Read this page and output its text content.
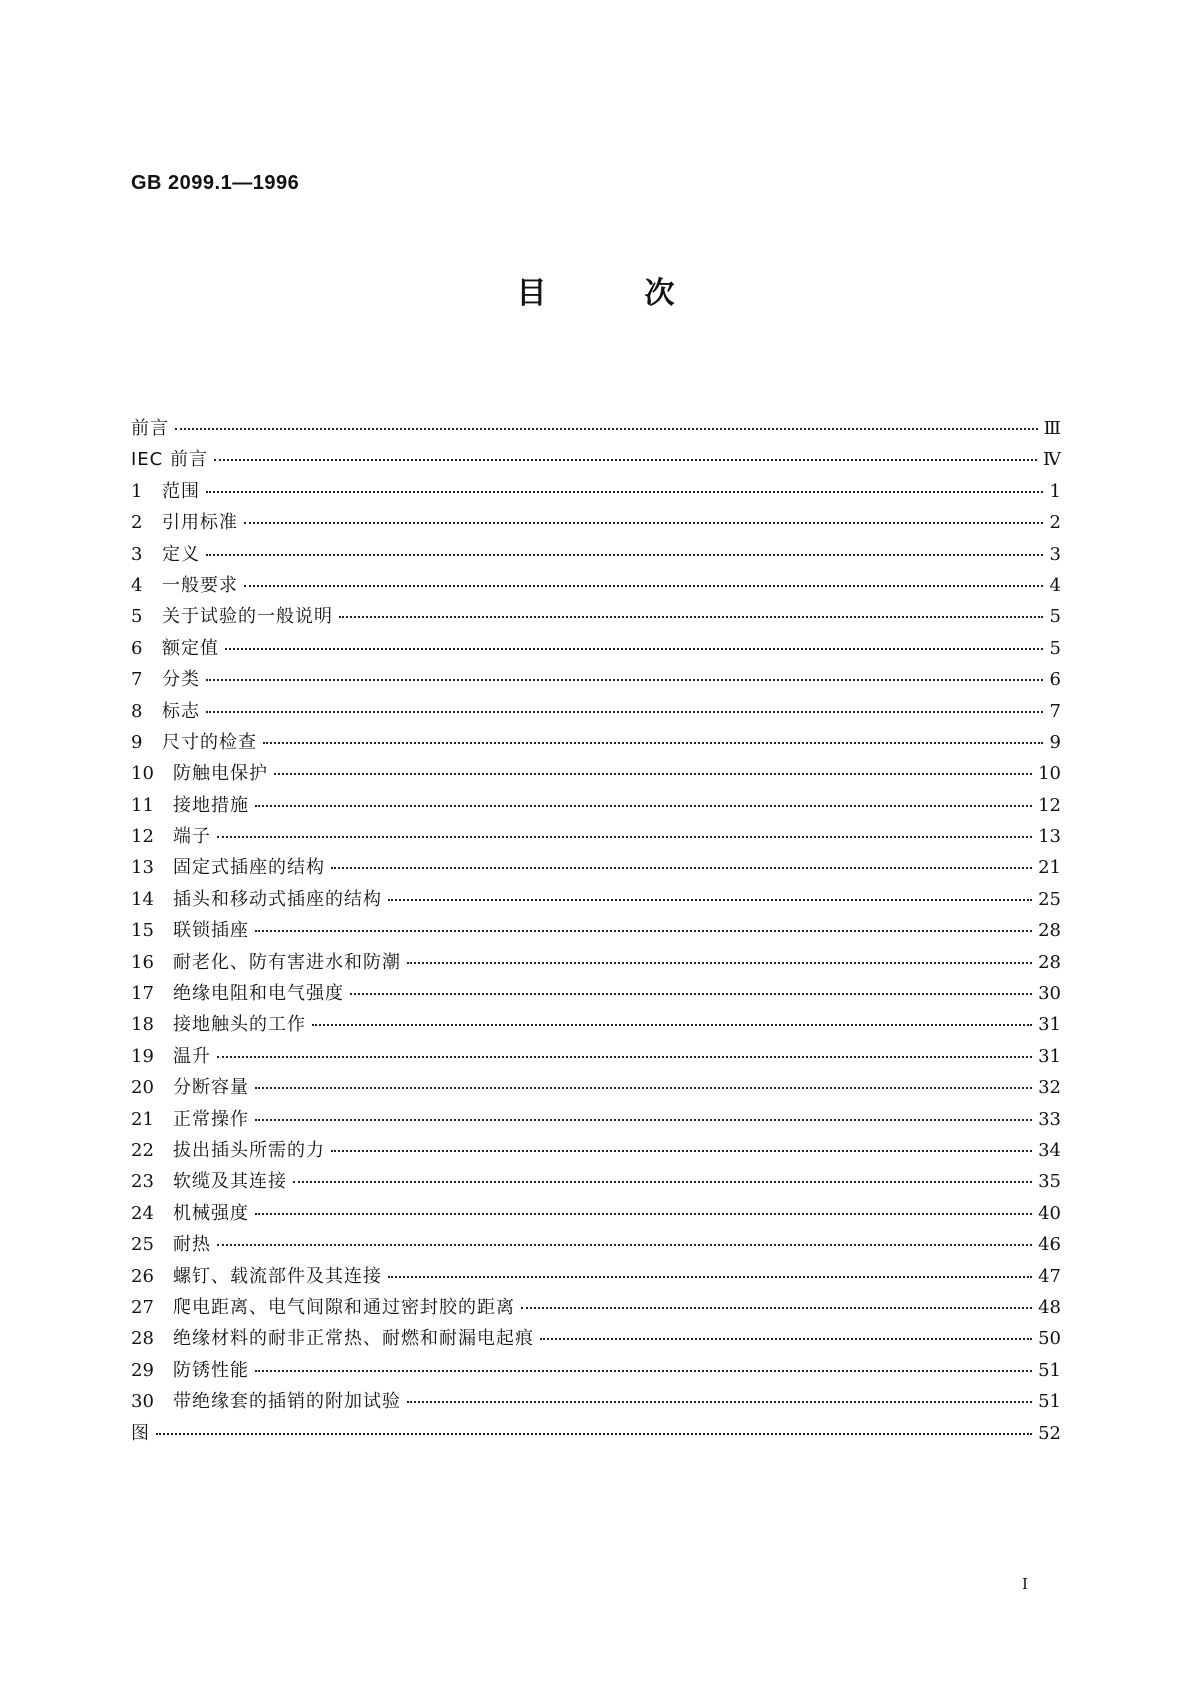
GB 2099.1—1996
目次
前言	Ⅲ
IEC 前言	Ⅳ
1	范围	1
2	引用标准	2
3	定义	3
4	一般要求	4
5	关于试验的一般说明	5
6	额定值	5
7	分类	6
8	标志	7
9	尺寸的检查	9
10	防触电保护	10
11	接地措施	12
12	端子	13
13	固定式插座的结构	21
14	插头和移动式插座的结构	25
15	联锁插座	28
16	耐老化、防有害进水和防潮	28
17	绝缘电阻和电气强度	30
18	接地触头的工作	31
19	温升	31
20	分断容量	32
21	正常操作	33
22	拔出插头所需的力	34
23	软缆及其连接	35
24	机械强度	40
25	耐热	46
26	螺钉、载流部件及其连接	47
27	爬电距离、电气间隙和通过密封胶的距离	48
28	绝缘材料的耐非正常热、耐燃和耐漏电起痕	50
29	防锈性能	51
30	带绝缘套的插销的附加试验	51
图	52
I
